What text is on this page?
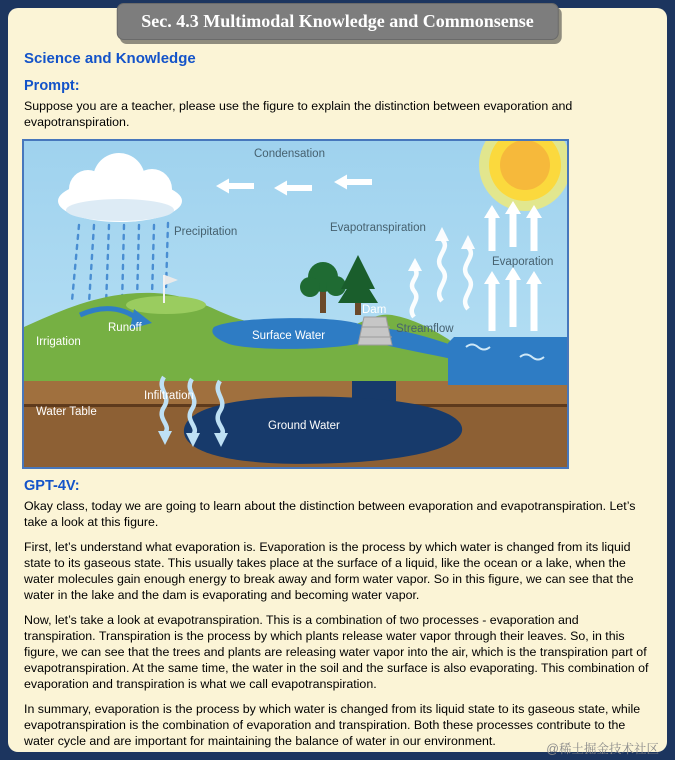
Sec. 4.3 Multimodal Knowledge and Commonsense
Science and Knowledge
Prompt:

Suppose you are a teacher, please use the figure to explain the distinction between evaporation and evapotranspiration.

Condensation
Precipitation	Evapotranspiration
Evaporation
Irrigation
Runoff
Surface Water
Dam
Streamflow
Water Table
Infiltration
Ground Water
GPT-4V:

Okay class, today we are going to learn about the distinction between evaporation and evapotranspiration. Let’s take a look at this figure.

First, let’s understand what evaporation is. Evaporation is the process by which water is changed from its liquid state to its gaseous state. This usually takes place at the surface of a liquid, like the ocean or a lake, when the water molecules gain enough energy to break away and form water vapor. So in this figure, we can see that the water in the lake and the dam is evaporating and becoming water vapor.

Now, let’s take a look at evapotranspiration. This is a combination of two processes - evaporation and transpiration. Transpiration is the process by which plants release water vapor through their leaves. So, in this figure, we can see that the trees and plants are releasing water vapor into the air, which is the transpiration part of evapotranspiration. At the same time, the water in the soil and the surface is also evaporating. This combination of evaporation and transpiration is what we call evapotranspiration.

In summary, evaporation is the process by which water is changed from its liquid state to its gaseous state, while evapotranspiration is the combination of evaporation and transpiration. Both these processes contribute to the water cycle and are important for maintaining the balance of water in our environment.

@稀土掘金技术社区
